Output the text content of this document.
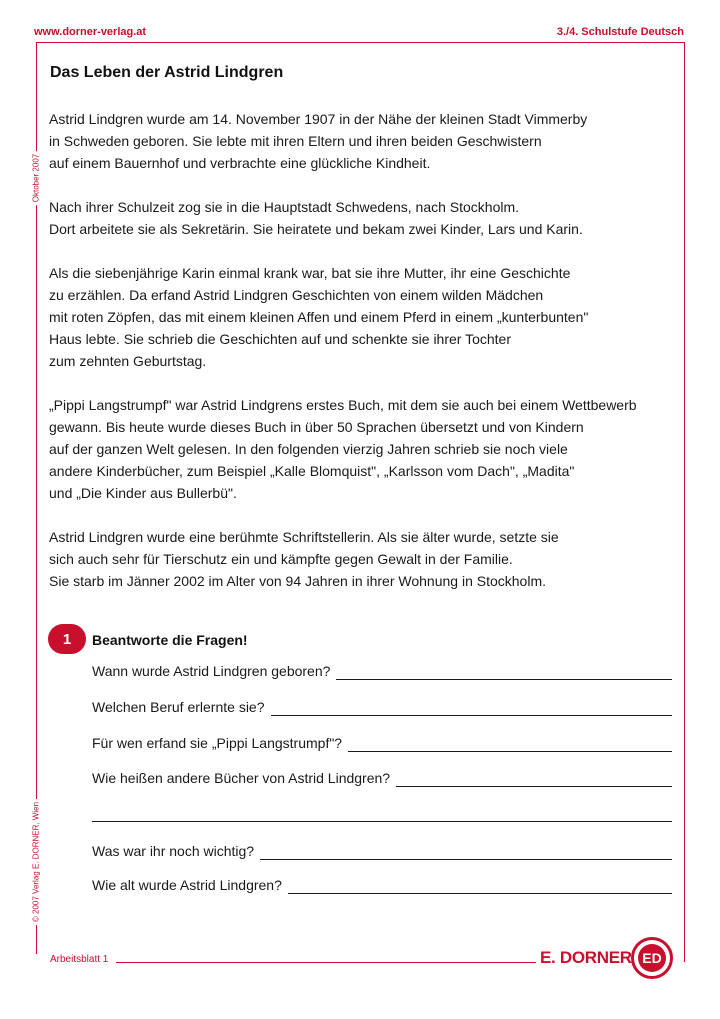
www.dorner-verlag.at	3./4. Schulstufe Deutsch
Oktober 2007
© 2007 Verlag E. DORNER, Wien
Das Leben der Astrid Lindgren

Astrid Lindgren wurde am 14. November 1907 in der Nähe der kleinen Stadt Vimmerby
in Schweden geboren. Sie lebte mit ihren Eltern und ihren beiden Geschwistern
auf einem Bauernhof und verbrachte eine glückliche Kindheit.

Nach ihrer Schulzeit zog sie in die Hauptstadt Schwedens, nach Stockholm.
Dort arbeitete sie als Sekretärin. Sie heiratete und bekam zwei Kinder, Lars und Karin.

Als die siebenjährige Karin einmal krank war, bat sie ihre Mutter, ihr eine Geschichte
zu erzählen. Da erfand Astrid Lindgren Geschichten von einem wilden Mädchen
mit roten Zöpfen, das mit einem kleinen Affen und einem Pferd in einem „kunterbunten"
Haus lebte. Sie schrieb die Geschichten auf und schenkte sie ihrer Tochter
zum zehnten Geburtstag.

„Pippi Langstrumpf" war Astrid Lindgrens erstes Buch, mit dem sie auch bei einem Wettbewerb
gewann. Bis heute wurde dieses Buch in über 50 Sprachen übersetzt und von Kindern
auf der ganzen Welt gelesen. In den folgenden vierzig Jahren schrieb sie noch viele
andere Kinderbücher, zum Beispiel „Kalle Blomquist", „Karlsson vom Dach", „Madita"
und „Die Kinder aus Bullerbü".

Astrid Lindgren wurde eine berühmte Schriftstellerin. Als sie älter wurde, setzte sie
sich auch sehr für Tierschutz ein und kämpfte gegen Gewalt in der Familie.
Sie starb im Jänner 2002 im Alter von 94 Jahren in ihrer Wohnung in Stockholm.

1 Beantworte die Fragen!
Wann wurde Astrid Lindgren geboren?
Welchen Beruf erlernte sie?
Für wen erfand sie „Pippi Langstrumpf"?
Wie heißen andere Bücher von Astrid Lindgren?
Was war ihr noch wichtig?
Wie alt wurde Astrid Lindgren?
Arbeitsblatt 1	E. DORNER ED
